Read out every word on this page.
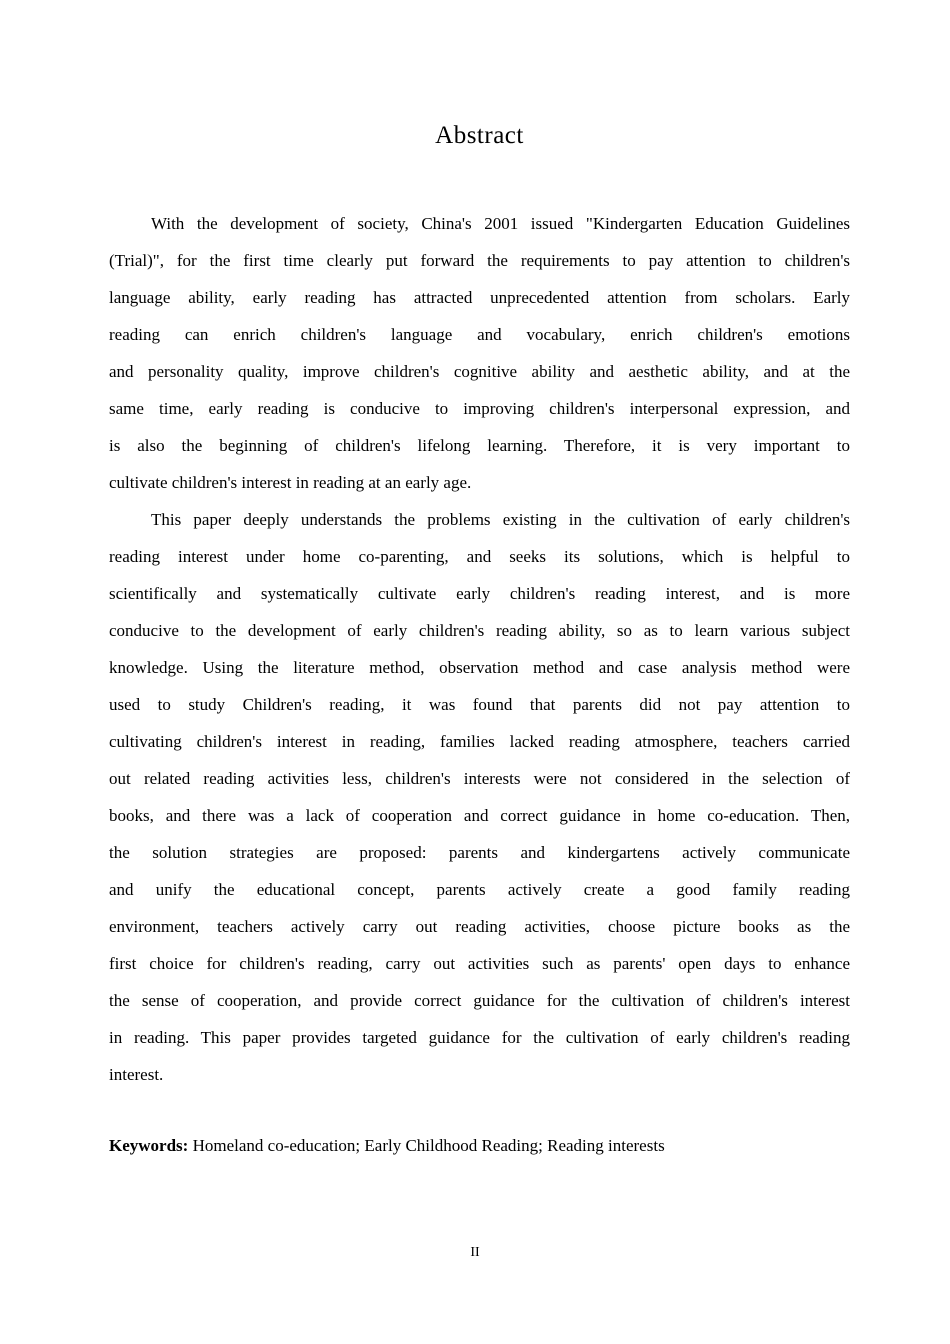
Abstract
With the development of society, China's 2001 issued "Kindergarten Education Guidelines
(Trial)", for the first time clearly put forward the requirements to pay attention to children's
language ability, early reading has attracted unprecedented attention from scholars. Early
reading can enrich children's language and vocabulary, enrich children's emotions
and personality quality, improve children's cognitive ability and aesthetic ability, and at the
same time, early reading is conducive to improving children's interpersonal expression, and
is also the beginning of children's lifelong learning. Therefore, it is very important to
cultivate children's interest in reading at an early age.
This paper deeply understands the problems existing in the cultivation of early children's
reading interest under home co-parenting, and seeks its solutions, which is helpful to
scientifically and systematically cultivate early children's reading interest, and is more
conducive to the development of early children's reading ability, so as to learn various subject
knowledge. Using the literature method, observation method and case analysis method were
used to study Children's reading, it was found that parents did not pay attention to
cultivating children's interest in reading, families lacked reading atmosphere, teachers carried
out related reading activities less, children's interests were not considered in the selection of
books, and there was a lack of cooperation and correct guidance in home co-education. Then,
the solution strategies are proposed: parents and kindergartens actively communicate
and unify the educational concept, parents actively create a good family reading
environment, teachers actively carry out reading activities, choose picture books as the
first choice for children's reading, carry out activities such as parents' open days to enhance
the sense of cooperation, and provide correct guidance for the cultivation of children's interest
in reading. This paper provides targeted guidance for the cultivation of early children's reading
interest.

Keywords: Homeland co-education; Early Childhood Reading; Reading interests

II
